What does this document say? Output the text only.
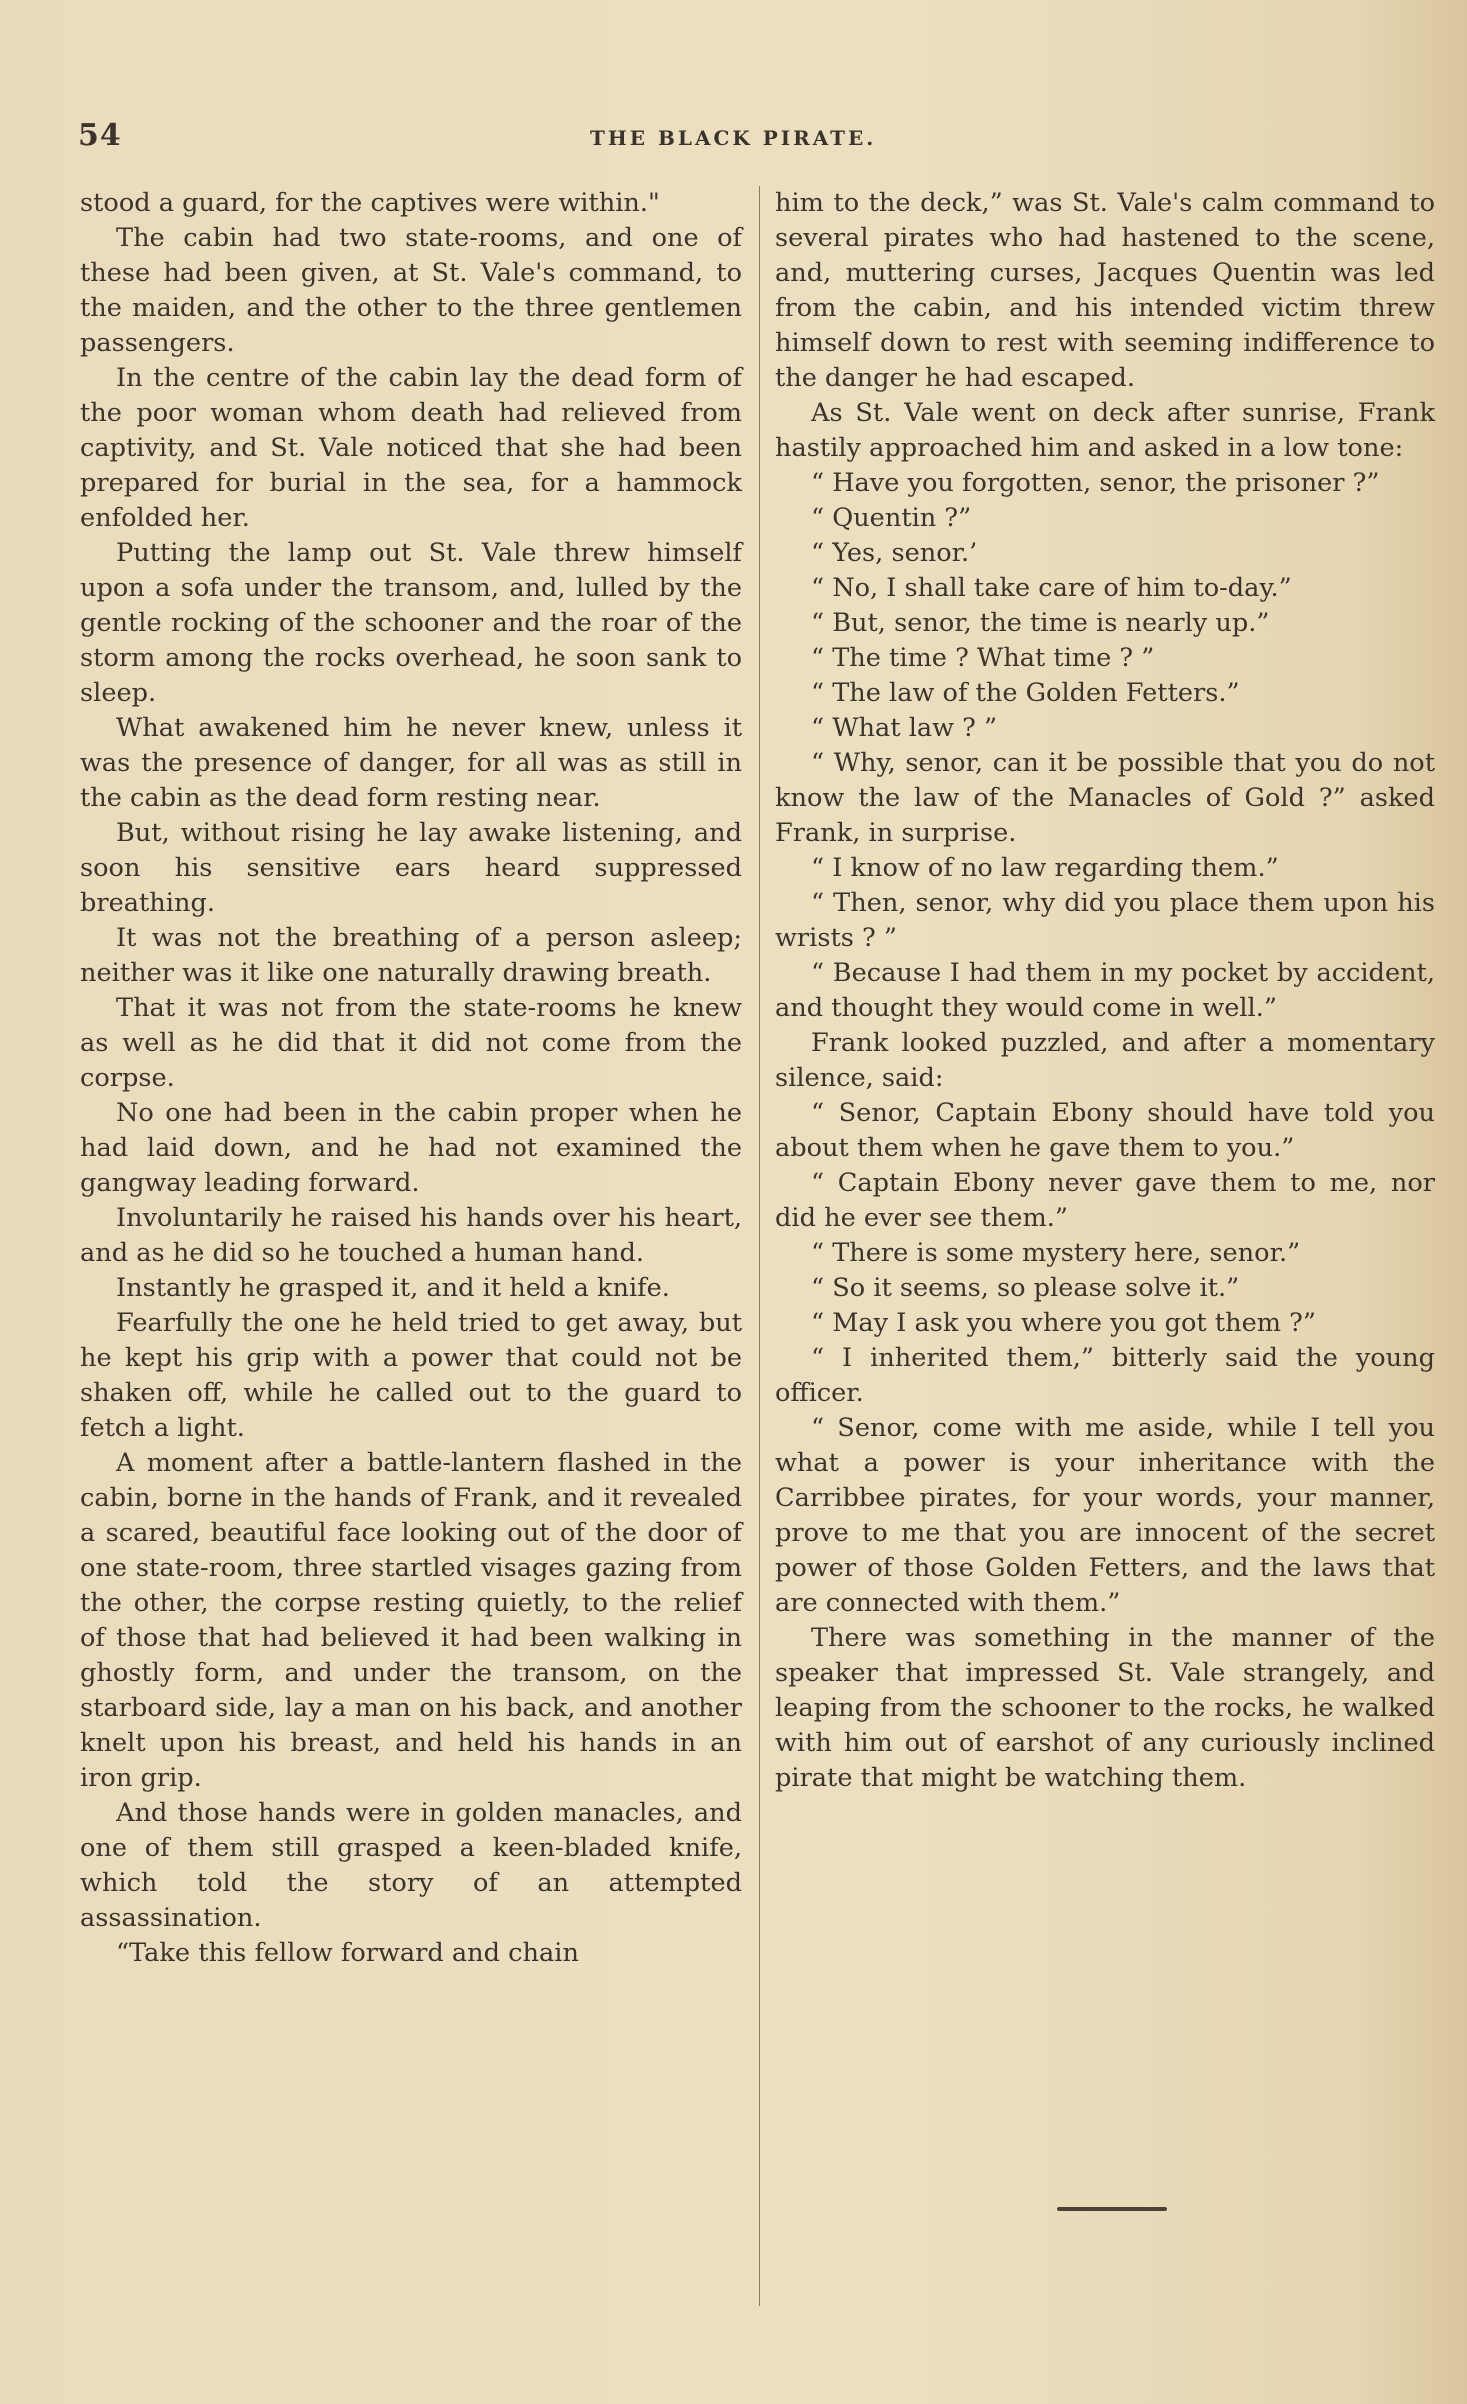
54	THE BLACK PIRATE.

stood a guard, for the captives were within."

The cabin had two state-rooms, and one of these had been given, at St. Vale's command, to the maiden, and the other to the three gentlemen passengers.

In the centre of the cabin lay the dead form of the poor woman whom death had relieved from captivity, and St. Vale noticed that she had been prepared for burial in the sea, for a hammock enfolded her.

Putting the lamp out St. Vale threw himself upon a sofa under the transom, and, lulled by the gentle rocking of the schooner and the roar of the storm among the rocks overhead, he soon sank to sleep.

What awakened him he never knew, unless it was the presence of danger, for all was as still in the cabin as the dead form resting near.

But, without rising he lay awake listening, and soon his sensitive ears heard suppressed breathing.

It was not the breathing of a person asleep; neither was it like one naturally drawing breath.

That it was not from the state-rooms he knew as well as he did that it did not come from the corpse.

No one had been in the cabin proper when he had laid down, and he had not examined the gangway leading forward.

Involuntarily he raised his hands over his heart, and as he did so he touched a human hand.

Instantly he grasped it, and it held a knife.

Fearfully the one he held tried to get away, but he kept his grip with a power that could not be shaken off, while he called out to the guard to fetch a light.

A moment after a battle-lantern flashed in the cabin, borne in the hands of Frank, and it revealed a scared, beautiful face looking out of the door of one state-room, three startled visages gazing from the other, the corpse resting quietly, to the relief of those that had believed it had been walking in ghostly form, and under the transom, on the starboard side, lay a man on his back, and another knelt upon his breast, and held his hands in an iron grip.

And those hands were in golden manacles, and one of them still grasped a keen-bladed knife, which told the story of an attempted assassination.

“Take this fellow forward and chain

him to the deck,” was St. Vale's calm command to several pirates who had hastened to the scene, and, muttering curses, Jacques Quentin was led from the cabin, and his intended victim threw himself down to rest with seeming indifference to the danger he had escaped.

As St. Vale went on deck after sunrise, Frank hastily approached him and asked in a low tone:

“ Have you forgotten, senor, the prisoner ?”

“ Quentin ?”

“ Yes, senor.’

“ No, I shall take care of him to-day.”

“ But, senor, the time is nearly up.”

“ The time ? What time ? ”

“ The law of the Golden Fetters.”

“ What law ? ”

“ Why, senor, can it be possible that you do not know the law of the Manacles of Gold ?” asked Frank, in surprise.

“ I know of no law regarding them.”

“ Then, senor, why did you place them upon his wrists ? ”

“ Because I had them in my pocket by accident, and thought they would come in well.”

Frank looked puzzled, and after a momentary silence, said:

“ Senor, Captain Ebony should have told you about them when he gave them to you.”

“ Captain Ebony never gave them to me, nor did he ever see them.”

“ There is some mystery here, senor.”

“ So it seems, so please solve it.”

“ May I ask you where you got them ?”

“ I inherited them,” bitterly said the young officer.

“ Senor, come with me aside, while I tell you what a power is your inheritance with the Carribbee pirates, for your words, your manner, prove to me that you are innocent of the secret power of those Golden Fetters, and the laws that are connected with them.”

There was something in the manner of the speaker that impressed St. Vale strangely, and leaping from the schooner to the rocks, he walked with him out of earshot of any curiously inclined pirate that might be watching them.
